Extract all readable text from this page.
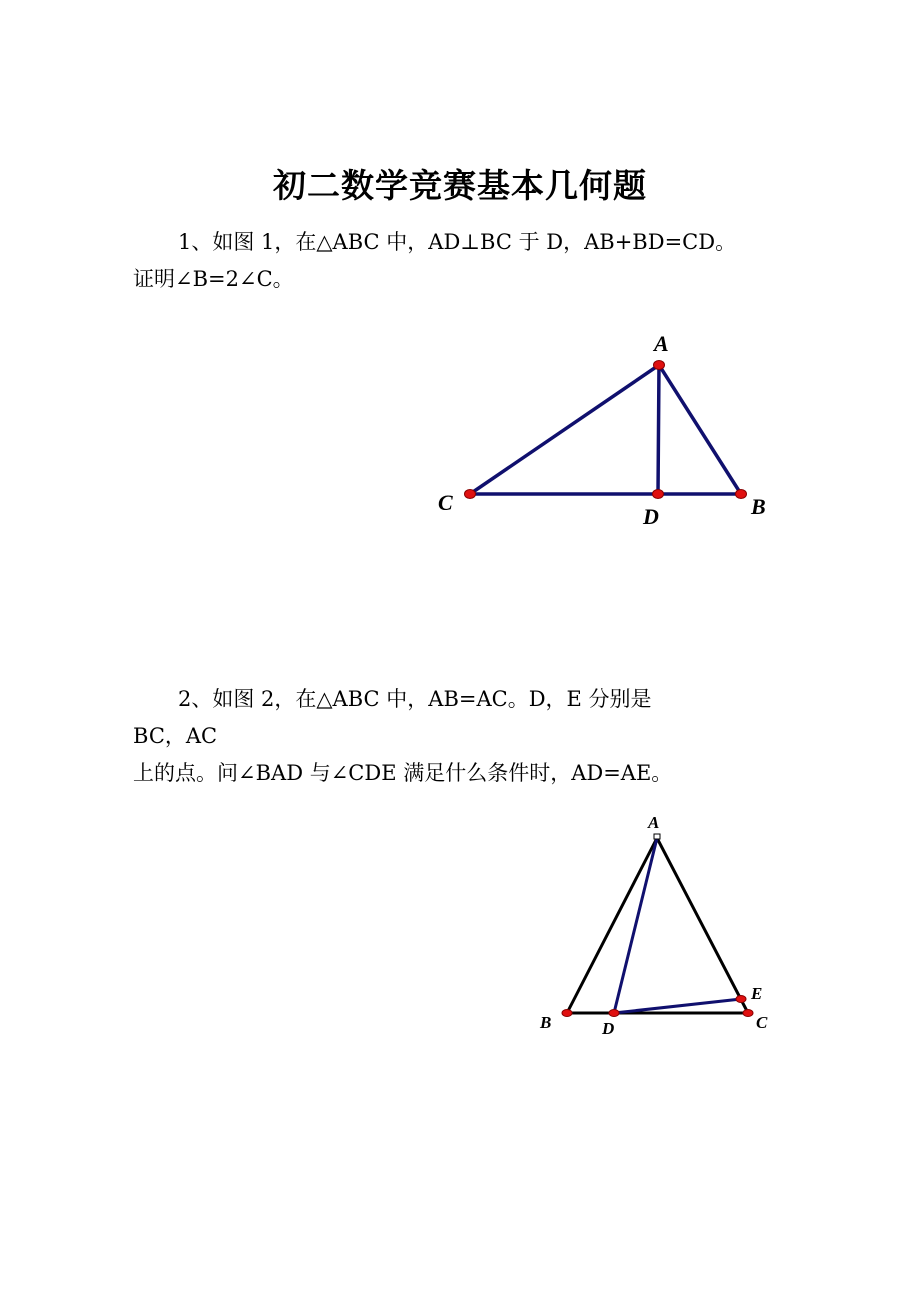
初二数学竞赛基本几何题
1、如图 1，在△ABC 中，AD⊥BC 于 D，AB+BD=CD。
证明∠B=2∠C。
A
C
D	B
2、如图 2，在△ABC 中，AB=AC。D，E 分别是
BC，AC
上的点。问∠BAD 与∠CDE 满足什么条件时，AD=AE。
A
B	D
E
C
